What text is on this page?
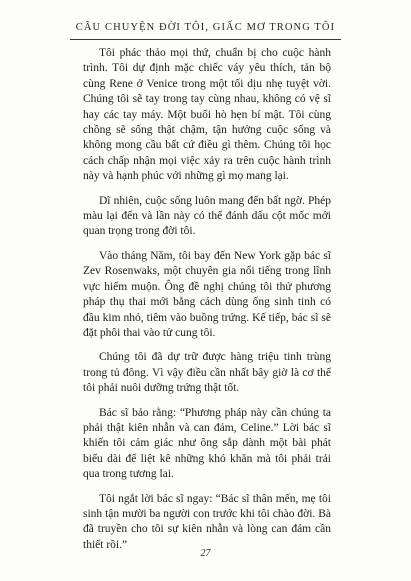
CÂU CHUYỆN ĐỜI TÔI, GIẤC MƠ TRONG TÔI

Tôi phác thảo mọi thứ, chuẩn bị cho cuộc hành trình. Tôi dự định mặc chiếc váy yêu thích, tản bộ cùng Rene ở Venice trong một tối dịu nhẹ tuyệt vời. Chúng tôi sẽ tay trong tay cùng nhau, không có vệ sĩ hay các tay máy. Một buổi hò hẹn bí mật. Tôi cùng chồng sẽ sống thật chậm, tận hưởng cuộc sống và không mong cầu bất cứ điều gì thêm. Chúng tôi học cách chấp nhận mọi việc xảy ra trên cuộc hành trình này và hạnh phúc với những gì mọ mang lại.

Dĩ nhiên, cuộc sống luôn mang đến bất ngờ. Phép màu lại đến và lần này có thể đánh dấu cột mốc mới quan trọng trong đời tôi.

Vào tháng Năm, tôi bay đến New York gặp bác sĩ Zev Rosenwaks, một chuyên gia nổi tiếng trong lĩnh vực hiếm muộn. Ông đề nghị chúng tôi thử phương pháp thụ thai mới bằng cách dùng ống sinh tinh có đầu kim nhỏ, tiêm vào buồng trứng. Kế tiếp, bác sĩ sẽ đặt phôi thai vào tử cung tôi.

Chúng tôi đã dự trữ được hàng triệu tinh trùng trong tủ đông. Vì vậy điều cần nhất bây giờ là cơ thể tôi phải nuôi dưỡng trứng thật tốt.

Bác sĩ bảo rằng: “Phương pháp này cần chúng ta phải thật kiên nhẫn và can đảm, Celine.” Lời bác sĩ khiến tôi cảm giác như ông sắp dành một bài phát biểu dài để liệt kê những khó khăn mà tôi phải trải qua trong tương lai.

Tôi ngắt lời bác sĩ ngay: “Bác sĩ thân mến, mẹ tôi sinh tận mười ba người con trước khi tôi chào đời. Bà đã truyền cho tôi sự kiên nhẫn và lòng can đảm cần thiết rồi.”

27
